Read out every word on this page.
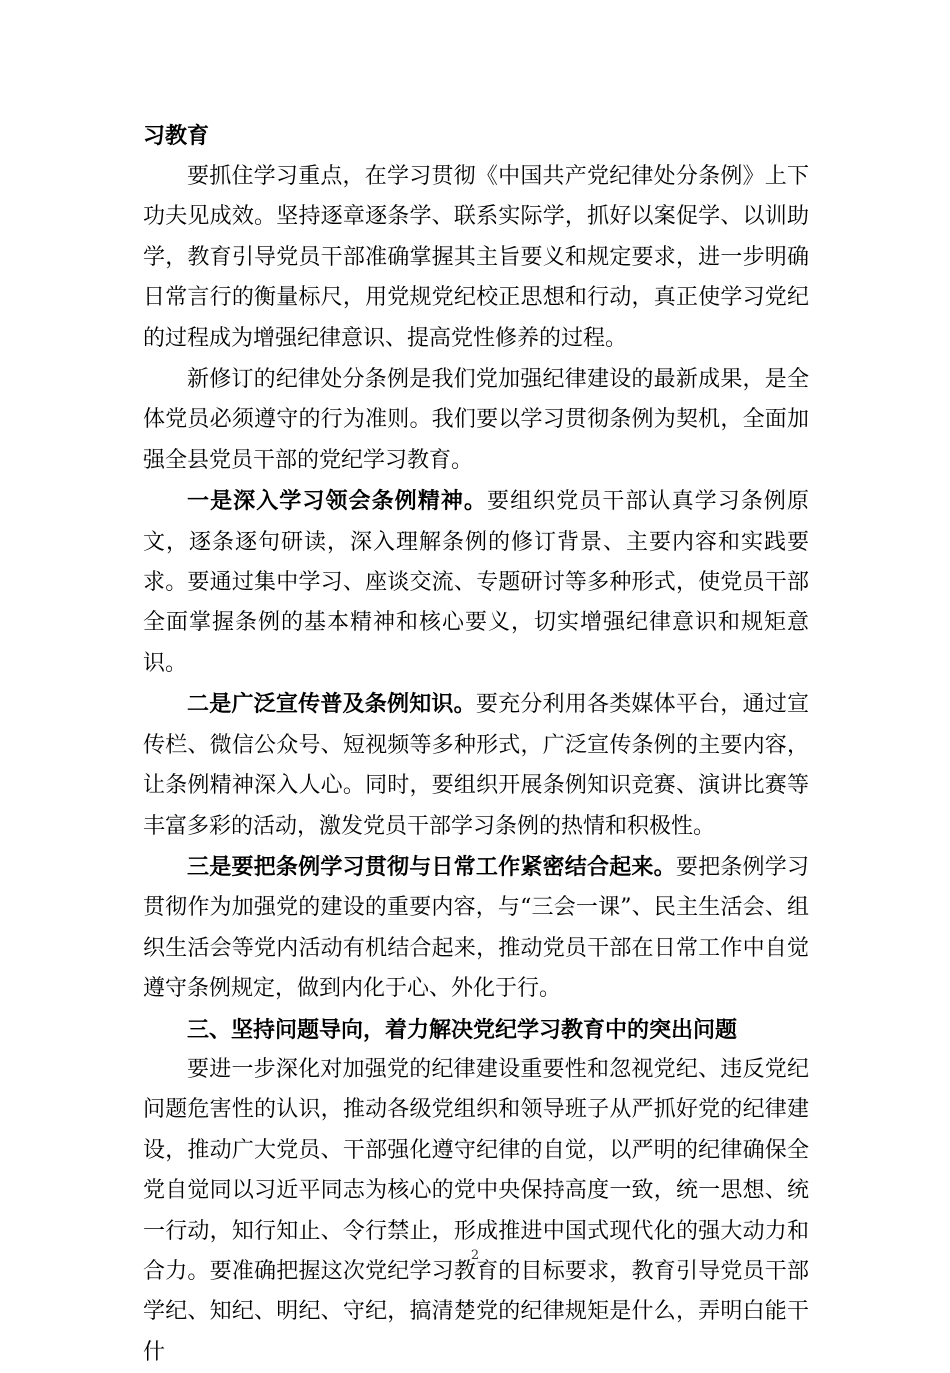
习教育

要抓住学习重点，在学习贯彻《中国共产党纪律处分条例》上下功夫见成效。坚持逐章逐条学、联系实际学，抓好以案促学、以训助学，教育引导党员干部准确掌握其主旨要义和规定要求，进一步明确日常言行的衡量标尺，用党规党纪校正思想和行动，真正使学习党纪的过程成为增强纪律意识、提高党性修养的过程。

新修订的纪律处分条例是我们党加强纪律建设的最新成果，是全体党员必须遵守的行为准则。我们要以学习贯彻条例为契机，全面加强全县党员干部的党纪学习教育。

一是深入学习领会条例精神。要组织党员干部认真学习条例原文，逐条逐句研读，深入理解条例的修订背景、主要内容和实践要求。要通过集中学习、座谈交流、专题研讨等多种形式，使党员干部全面掌握条例的基本精神和核心要义，切实增强纪律意识和规矩意识。

二是广泛宣传普及条例知识。要充分利用各类媒体平台，通过宣传栏、微信公众号、短视频等多种形式，广泛宣传条例的主要内容，让条例精神深入人心。同时，要组织开展条例知识竞赛、演讲比赛等丰富多彩的活动，激发党员干部学习条例的热情和积极性。

三是要把条例学习贯彻与日常工作紧密结合起来。要把条例学习贯彻作为加强党的建设的重要内容，与“三会一课”、民主生活会、组织生活会等党内活动有机结合起来，推动党员干部在日常工作中自觉遵守条例规定，做到内化于心、外化于行。

三、坚持问题导向，着力解决党纪学习教育中的突出问题

要进一步深化对加强党的纪律建设重要性和忽视党纪、违反党纪问题危害性的认识，推动各级党组织和领导班子从严抓好党的纪律建设，推动广大党员、干部强化遵守纪律的自觉，以严明的纪律确保全党自觉同以习近平同志为核心的党中央保持高度一致，统一思想、统一行动，知行知止、令行禁止，形成推进中国式现代化的强大动力和合力。要准确把握这次党纪学习教育的目标要求，教育引导党员干部学纪、知纪、明纪、守纪，搞清楚党的纪律规矩是什么，弄明白能干什

2
